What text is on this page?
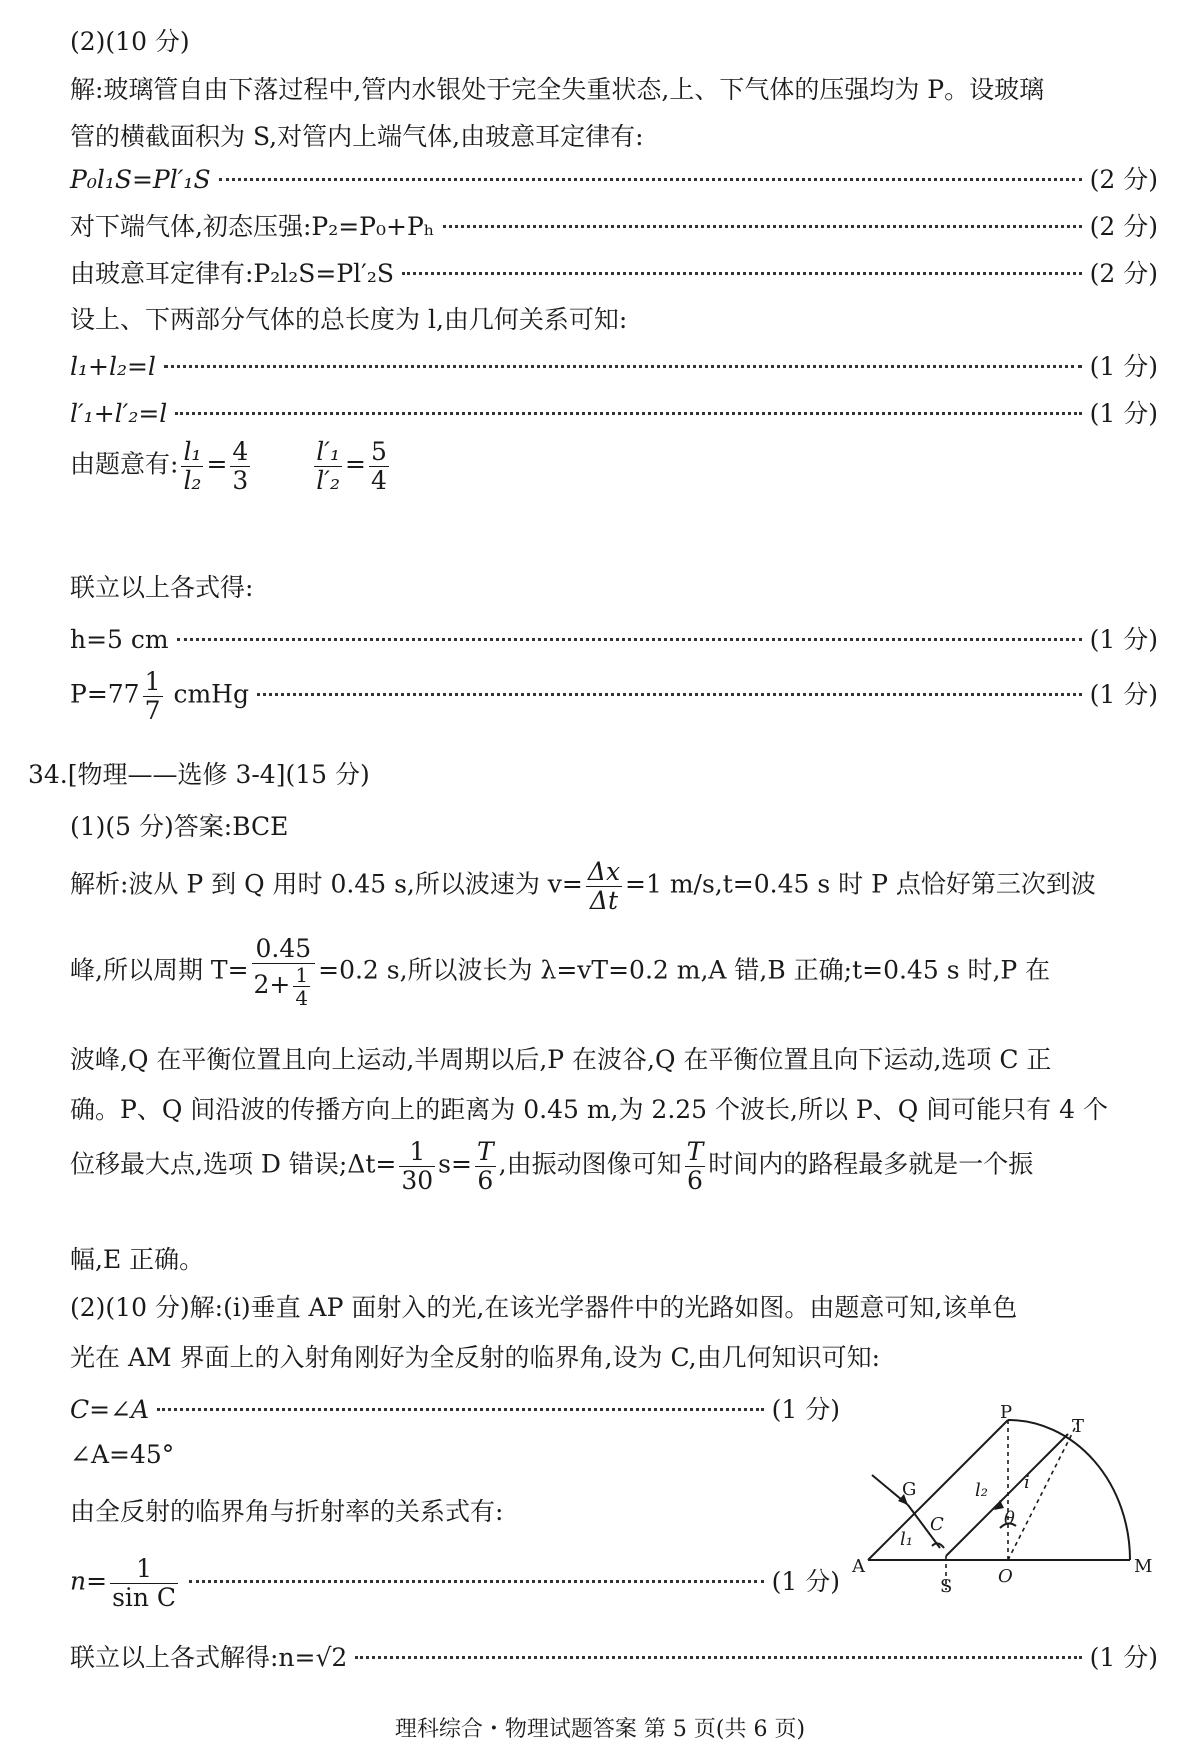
(2)(10 分)
解:玻璃管自由下落过程中,管内水银处于完全失重状态,上、下气体的压强均为 P。设玻璃
管的横截面积为 S,对管内上端气体,由玻意耳定律有:
P₀l₁S=Pl′₁S	(2 分)
对下端气体,初态压强:P₂=P₀+Pₕ	(2 分)
由玻意耳定律有:P₂l₂S=Pl′₂S	(2 分)
设上、下两部分气体的总长度为 l,由几何关系可知:
l₁+l₂=l	(1 分)
l′₁+l′₂=l	(1 分)
由题意有: $\frac{\text{l₁}}{\text{l₂}} = \frac{4}{3}$
	$\frac{\text{l′₁}}{\text{l′₂}} = \frac{5}{4}$
联立以上各式得:
h=5 cm	(1 分)
$P=77 \frac{1}{7}$ cmHg	(1 分)
34.[物理——选修 3-4](15 分)
(1)(5 分)答案:BCE
解析:波从 P 到 Q 用时 0.45 s,所以波速为 $v= \frac{\Delta x}{\Delta t} =1$ m/s,t=0.45 s 时 P 点恰好第三次到波
峰,所以周期 $T= \frac{0.45}{2+ \frac{1}{4}} =0.2$ s,所以波长为 λ=vT=0.2 m,A 错,B 正确;t=0.45 s 时,P 在
波峰,Q 在平衡位置且向上运动,半周期以后,P 在波谷,Q 在平衡位置且向下运动,选项 C 正
确。P、Q 间沿波的传播方向上的距离为 0.45 m,为 2.25 个波长,所以 P、Q 间可能只有 4 个
位移最大点,选项 D 错误;Δt= $\frac{1}{30} s= \frac{T}{6}$ ,由振动图像可知 $\frac{T}{6}$ 时间内的路程最多就是一个振
幅,E 正确。
(2)(10 分)解:(ⅰ)垂直 AP 面射入的光,在该光学器件中的光路如图。由题意可知,该单色
光在 AM 界面上的入射角刚好为全反射的临界角,设为 C,由几何知识可知:
C=∠A	(1 分)
∠A=45°
由全反射的临界角与折射率的关系式有:
$n= \frac{1}{\text{sin C}}$	(1 分)
联立以上各式解得:n=√2	(1 分)
P
T
G
C
l₁
l₂ i
θ
A
S	O	M
理科综合・物理试题答案 第 5 页(共 6 页)
